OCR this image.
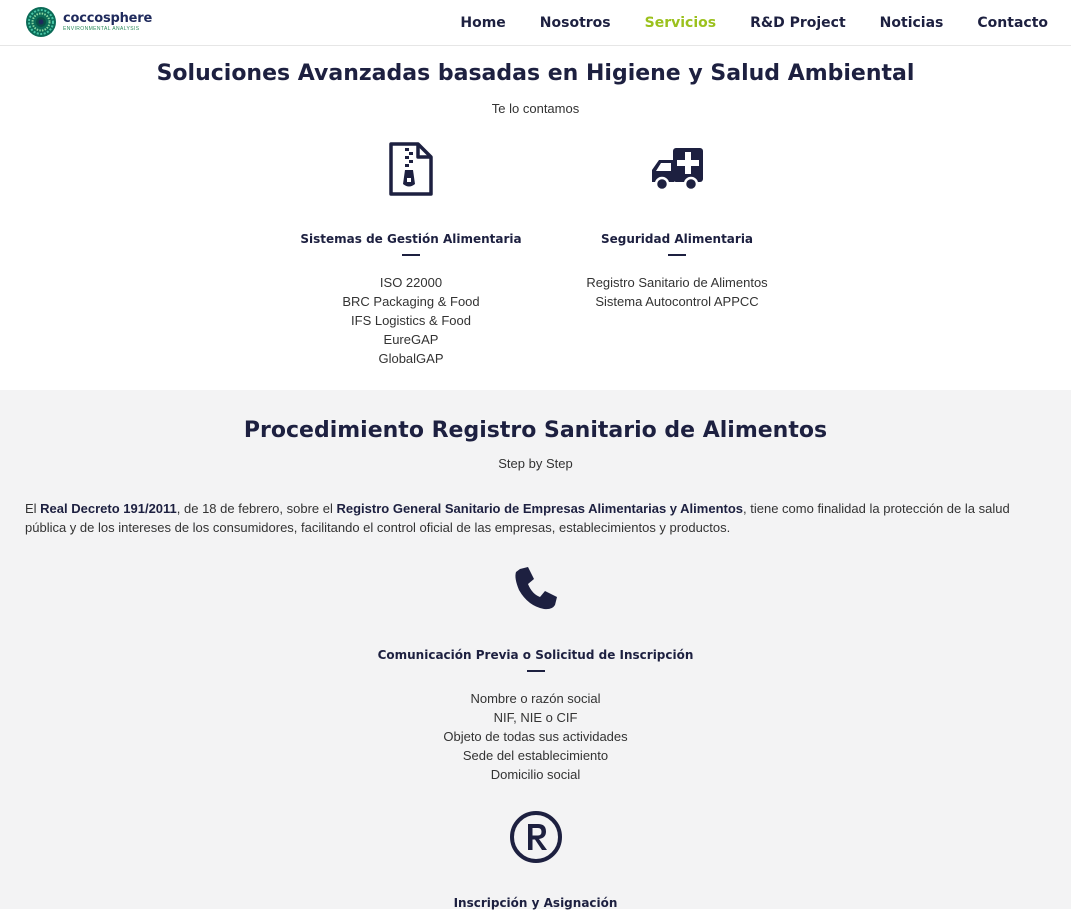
coccosphere
ENVIRONMENTAL ANALYSIS	Home Nosotros Servicios R&D Project Noticias Contacto
Soluciones Avanzadas basadas en Higiene y Salud Ambiental
Te lo contamos
Sistemas de Gestión Alimentaria
ISO 22000
BRC Packaging & Food
IFS Logistics & Food
EureGAP
GlobalGAP
Seguridad Alimentaria
Registro Sanitario de Alimentos
Sistema Autocontrol APPCC
Procedimiento Registro Sanitario de Alimentos
Step by Step

El Real Decreto 191/2011, de 18 de febrero, sobre el Registro General Sanitario de Empresas Alimentarias y Alimentos, tiene como finalidad la protección de la salud pública y de los intereses de los consumidores, facilitando el control oficial de las empresas, establecimientos y productos.

Comunicación Previa o Solicitud de Inscripción
Nombre o razón social
NIF, NIE o CIF
Objeto de todas sus actividades
Sede del establecimiento
Domicilio social
Inscripción y Asignación
